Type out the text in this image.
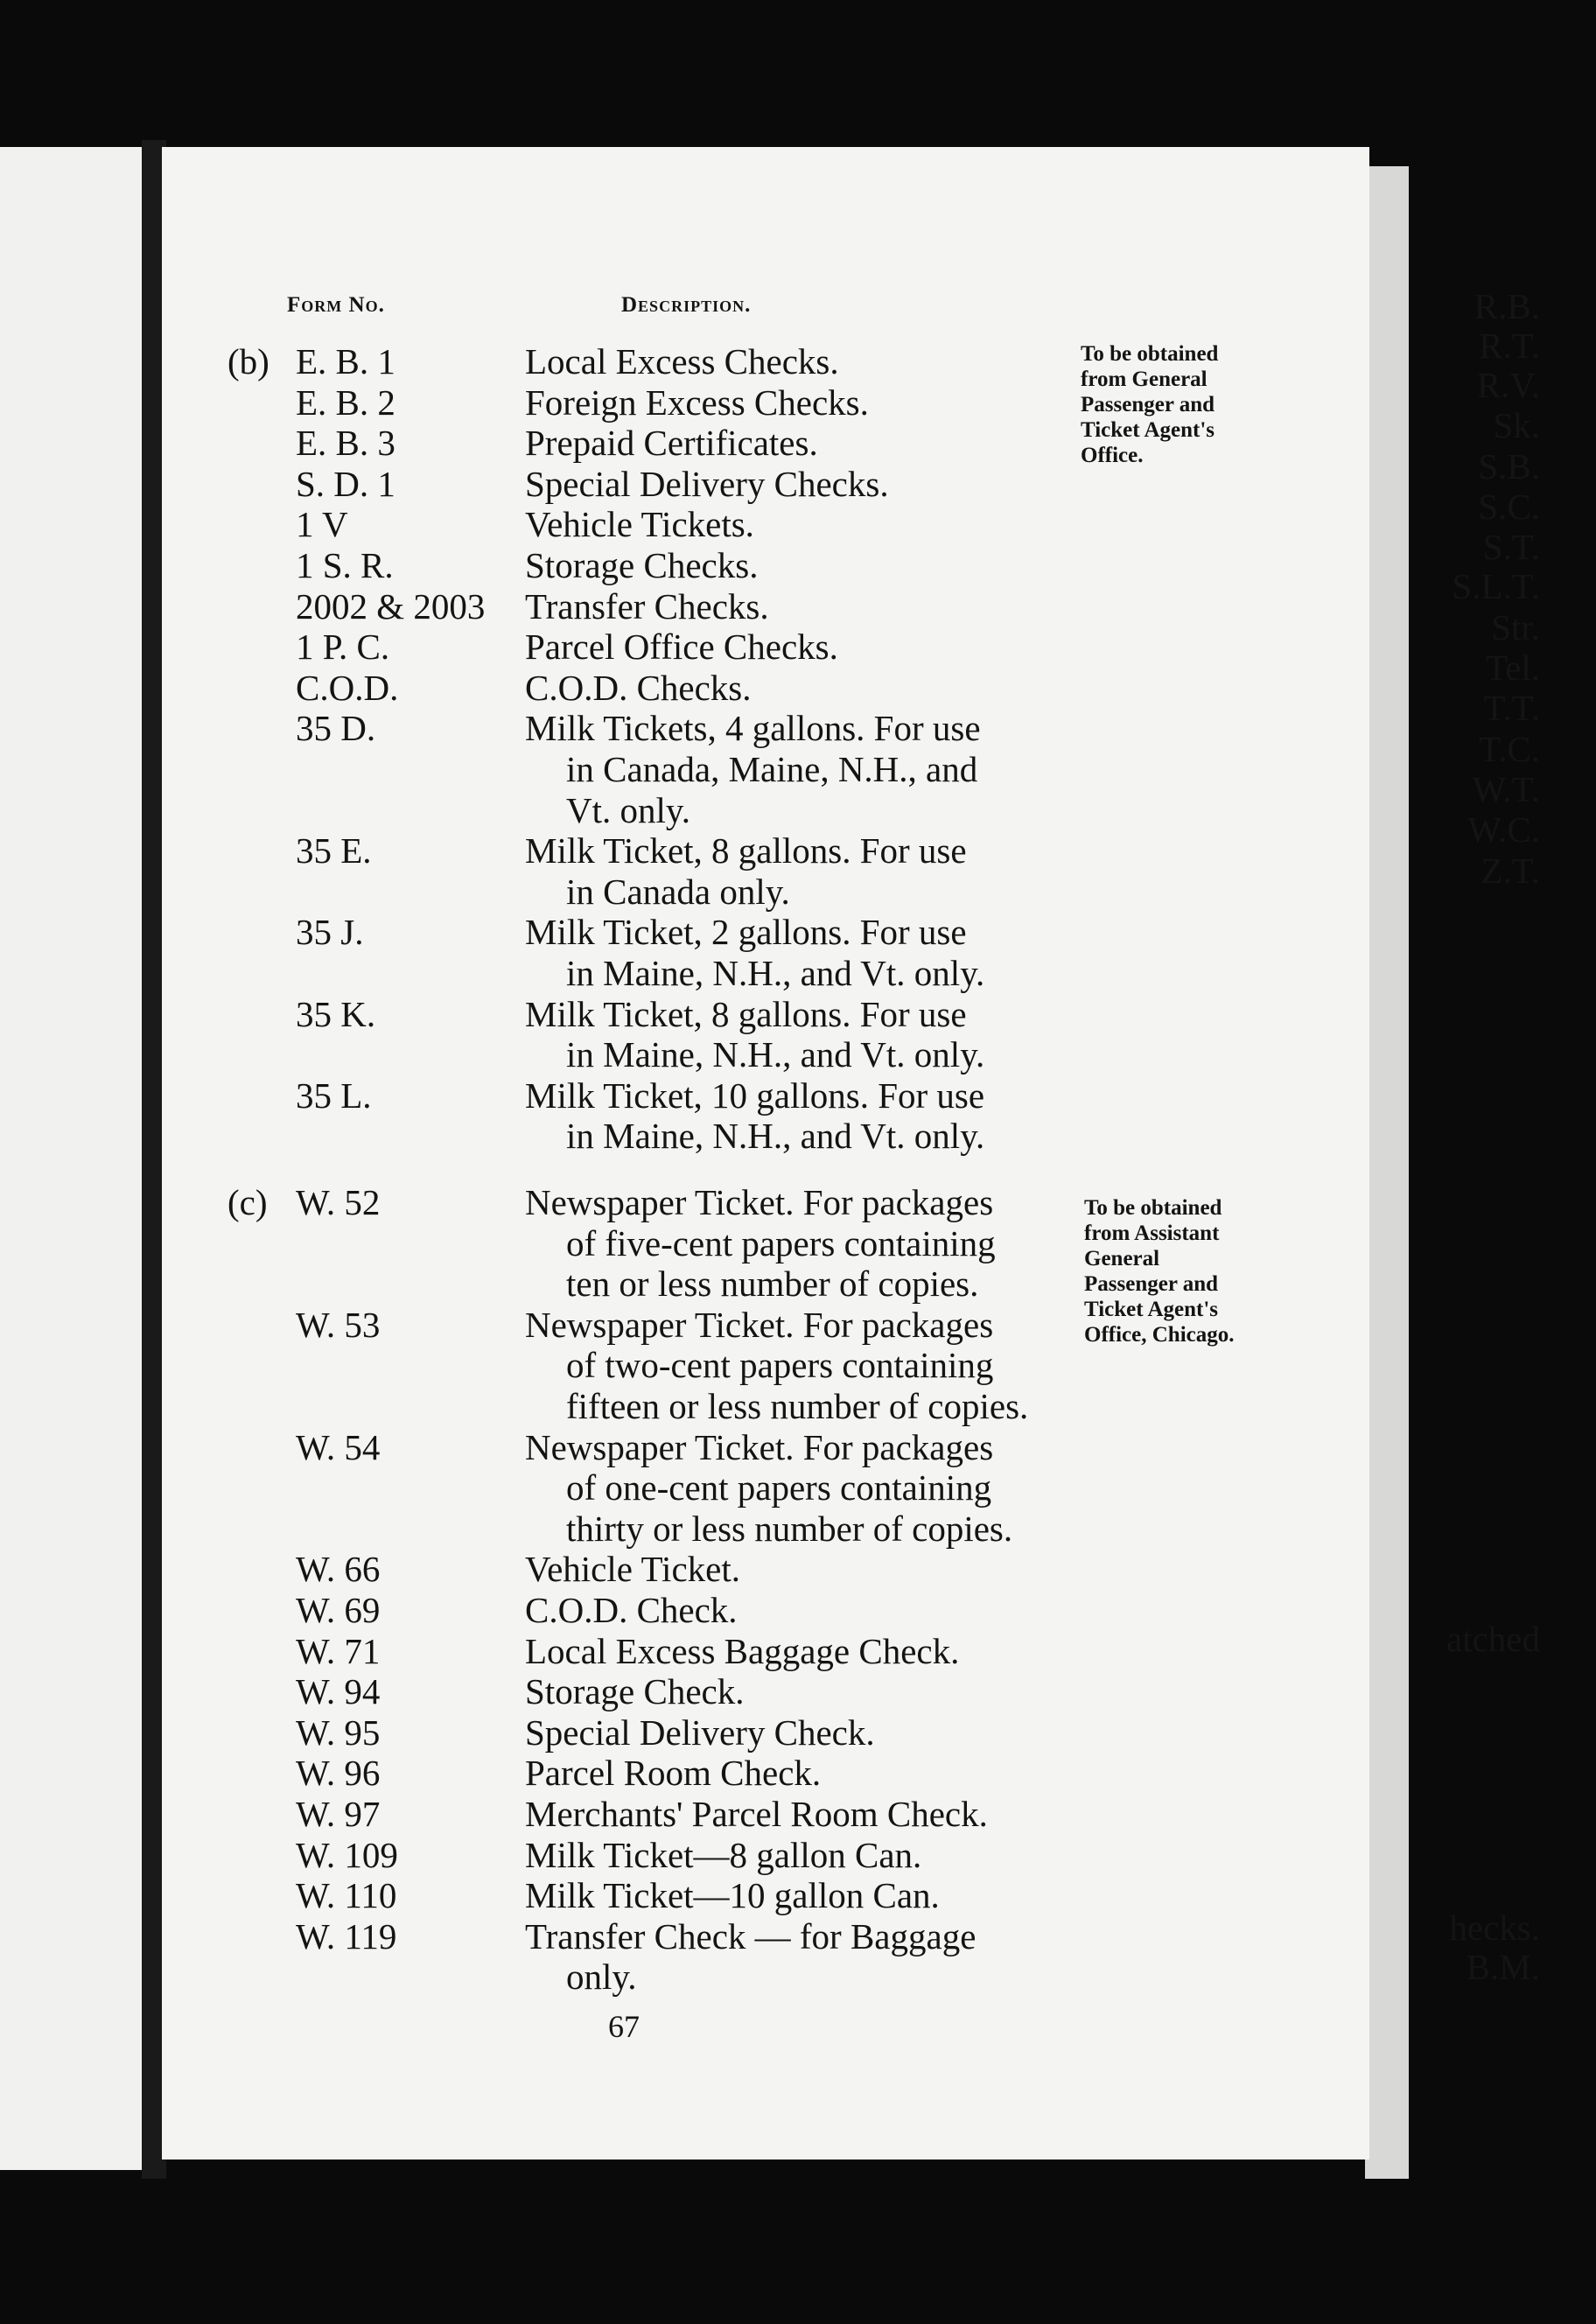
R.B.
R.T.
R.V.
Sk.
S.B.
S.C.
S.T.
S.L.T.
Str.
Tel.
T.T.
T.C.
W.T.
W.C.
Z.T.
atched
hecks.
B.M.
Form No.	Description.
(b) E. B. 1	Local Excess Checks.
E. B. 2	Foreign Excess Checks.
E. B. 3	Prepaid Certificates.
S. D. 1	Special Delivery Checks.
1 V	Vehicle Tickets.
1 S. R.	Storage Checks.
2002 & 2003 Transfer Checks.
1 P. C.	Parcel Office Checks.
C.O.D.	C.O.D. Checks.
35 D.	Milk Tickets, 4 gallons. For use
in Canada, Maine, N.H., and
Vt. only.
35 E.	Milk Ticket, 8 gallons. For use
in Canada only.
35 J.	Milk Ticket, 2 gallons. For use
in Maine, N.H., and Vt. only.
35 K.	Milk Ticket, 8 gallons. For use
in Maine, N.H., and Vt. only.
35 L.	Milk Ticket, 10 gallons. For use
in Maine, N.H., and Vt. only.
To be obtained
from General
Passenger and
Ticket Agent's
Office.
(c) W. 52	Newspaper Ticket. For packages
of five-cent papers containing
ten or less number of copies.
W. 53	Newspaper Ticket. For packages
of two-cent papers containing
fifteen or less number of copies.
W. 54	Newspaper Ticket. For packages
of one-cent papers containing
thirty or less number of copies.
W. 66	Vehicle Ticket.
W. 69	C.O.D. Check.
W. 71	Local Excess Baggage Check.
W. 94	Storage Check.
W. 95	Special Delivery Check.
W. 96	Parcel Room Check.
W. 97	Merchants' Parcel Room Check.
W. 109	Milk Ticket—8 gallon Can.
W. 110	Milk Ticket—10 gallon Can.
W. 119	Transfer Check — for Baggage
only.
To be obtained
from Assistant
General
Passenger and
Ticket Agent's
Office, Chicago.
67
